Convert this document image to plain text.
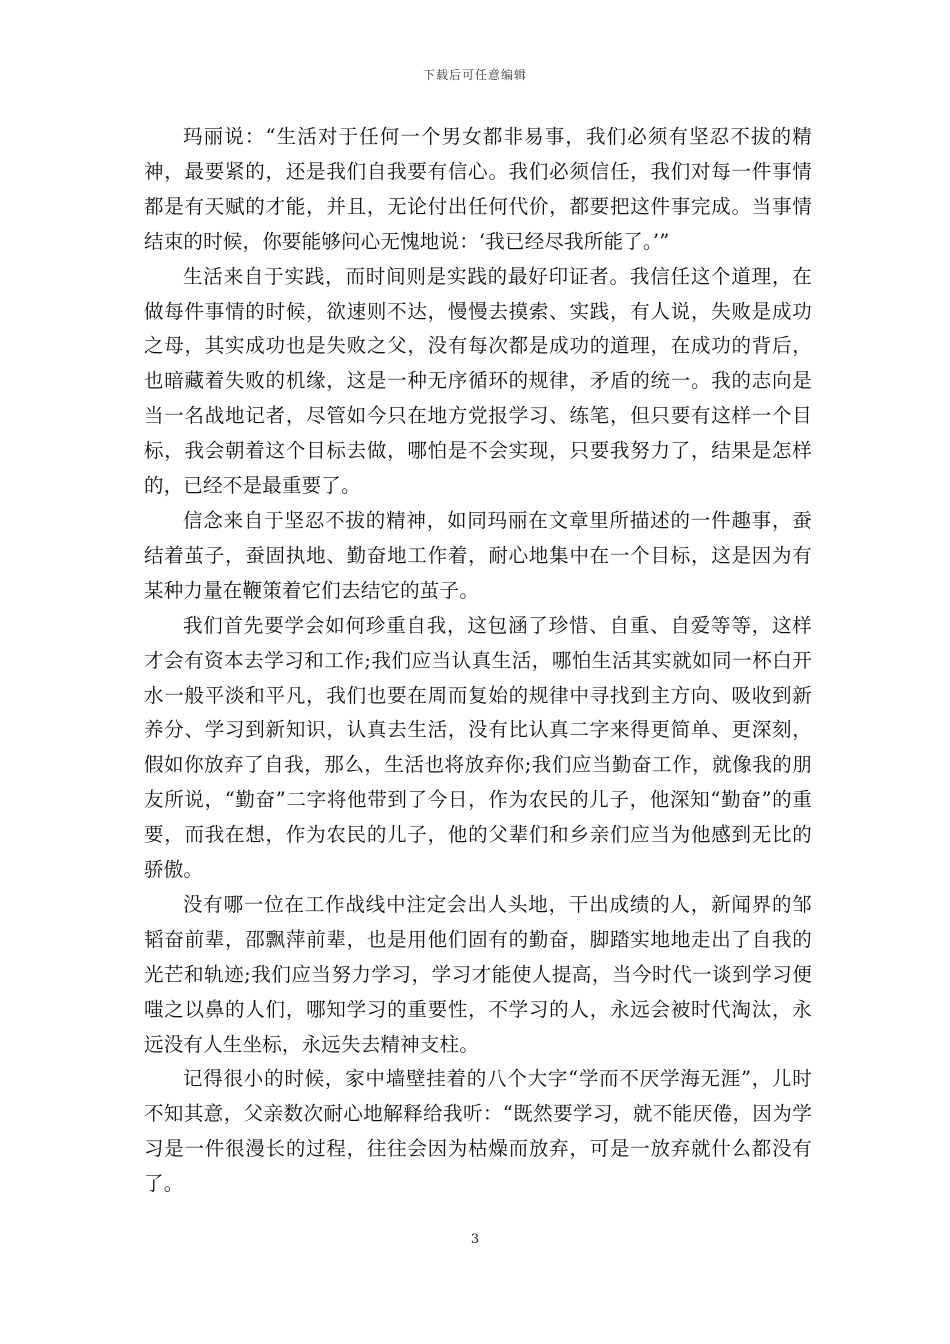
下载后可任意编辑

玛丽说：“生活对于任何一个男女都非易事，我们必须有坚忍不拔的精神，最要紧的，还是我们自我要有信心。我们必须信任，我们对每一件事情都是有天赋的才能，并且，无论付出任何代价，都要把这件事完成。当事情结束的时候，你要能够问心无愧地说：‘我已经尽我所能了。’”

生活来自于实践，而时间则是实践的最好印证者。我信任这个道理，在做每件事情的时候，欲速则不达，慢慢去摸索、实践，有人说，失败是成功之母，其实成功也是失败之父，没有每次都是成功的道理，在成功的背后，也暗藏着失败的机缘，这是一种无序循环的规律，矛盾的统一。我的志向是当一名战地记者，尽管如今只在地方党报学习、练笔，但只要有这样一个目标，我会朝着这个目标去做，哪怕是不会实现，只要我努力了，结果是怎样的，已经不是最重要了。

信念来自于坚忍不拔的精神，如同玛丽在文章里所描述的一件趣事，蚕结着茧子，蚕固执地、勤奋地工作着，耐心地集中在一个目标，这是因为有某种力量在鞭策着它们去结它的茧子。

我们首先要学会如何珍重自我，这包涵了珍惜、自重、自爱等等，这样才会有资本去学习和工作;我们应当认真生活，哪怕生活其实就如同一杯白开水一般平淡和平凡，我们也要在周而复始的规律中寻找到主方向、吸收到新养分、学习到新知识，认真去生活，没有比认真二字来得更简单、更深刻，假如你放弃了自我，那么，生活也将放弃你;我们应当勤奋工作，就像我的朋友所说，“勤奋”二字将他带到了今日，作为农民的儿子，他深知“勤奋”的重要，而我在想，作为农民的儿子，他的父辈们和乡亲们应当为他感到无比的骄傲。

没有哪一位在工作战线中注定会出人头地，干出成绩的人，新闻界的邹韬奋前辈，邵飘萍前辈，也是用他们固有的勤奋，脚踏实地地走出了自我的光芒和轨迹;我们应当努力学习，学习才能使人提高，当今时代一谈到学习便嗤之以鼻的人们，哪知学习的重要性，不学习的人，永远会被时代淘汰，永远没有人生坐标，永远失去精神支柱。

记得很小的时候，家中墙壁挂着的八个大字“学而不厌学海无涯”，儿时不知其意，父亲数次耐心地解释给我听：“既然要学习，就不能厌倦，因为学习是一件很漫长的过程，往往会因为枯燥而放弃，可是一放弃就什么都没有了。

3
